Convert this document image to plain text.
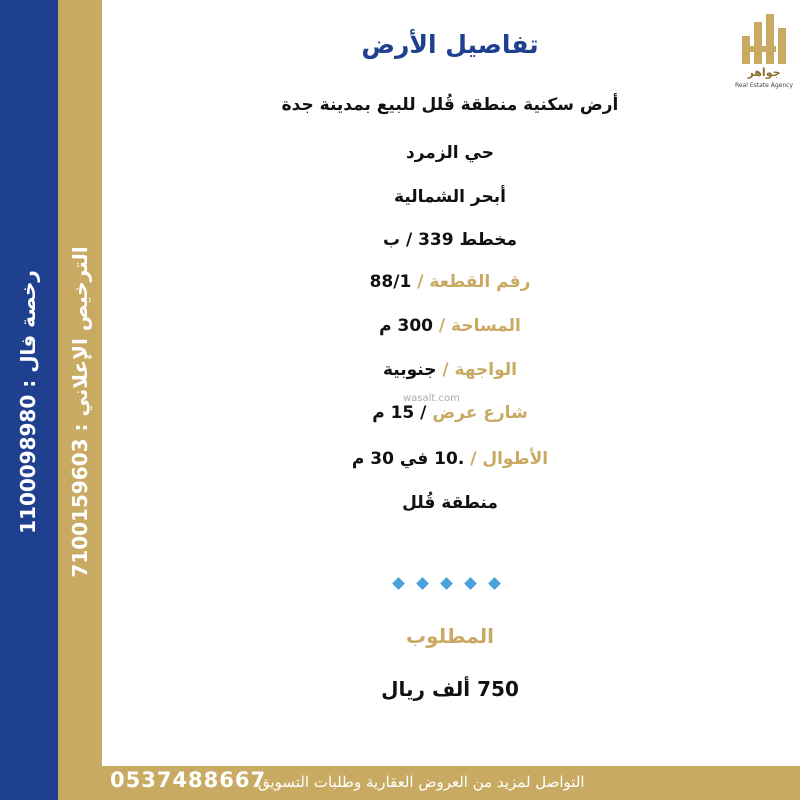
رخصة فال : 1100098980
الترخيص الإعلاني : 7100159603
جواهر
Real Estate Agency
تفاصيل الأرض
أرض سكنية منطقة قُلل للبيع بمدينة جدة
حي الزمرد
أبحر الشمالية
مخطط 339 / ب
رقم القطعة / 88/1
المساحة / 300 م
الواجهة / جنوبية
wasalt.com
شارع عرض / 15 م
الأطوال / .10 في 30 م
منطقة قُلل
المطلوب
750 ألف ريال
0537488667
التواصل لمزيد من العروض العقارية وطلبات التسويق
